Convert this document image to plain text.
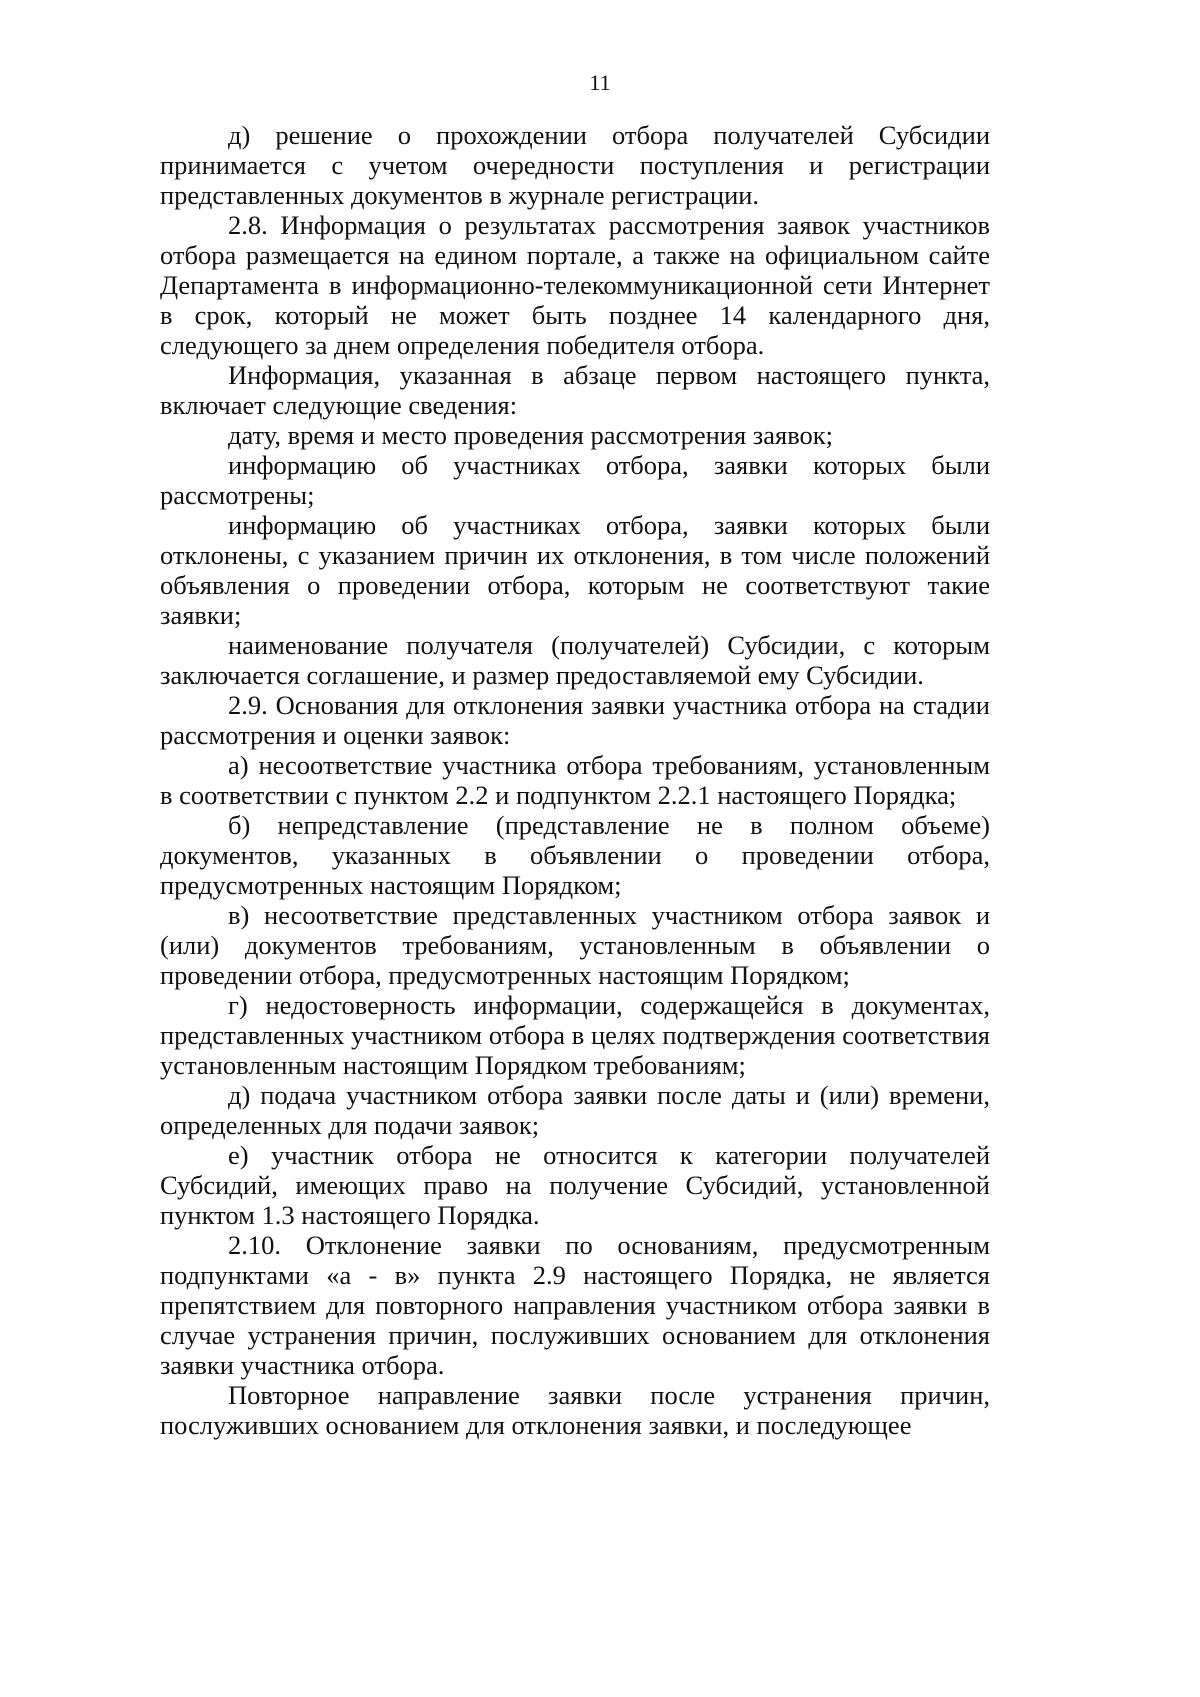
11

д) решение о прохождении отбора получателей Субсидии принимается с учетом очередности поступления и регистрации представленных документов в журнале регистрации.

2.8. Информация о результатах рассмотрения заявок участников отбора размещается на едином портале, а также на официальном сайте Департамента в информационно-телекоммуникационной сети Интернет в срок, который не может быть позднее 14 календарного дня, следующего за днем определения победителя отбора.

Информация, указанная в абзаце первом настоящего пункта, включает следующие сведения:

дату, время и место проведения рассмотрения заявок;

информацию об участниках отбора, заявки которых были рассмотрены;

информацию об участниках отбора, заявки которых были отклонены, с указанием причин их отклонения, в том числе положений объявления о проведении отбора, которым не соответствуют такие заявки;

наименование получателя (получателей) Субсидии, с которым заключается соглашение, и размер предоставляемой ему Субсидии.

2.9. Основания для отклонения заявки участника отбора на стадии рассмотрения и оценки заявок:

а) несоответствие участника отбора требованиям, установленным в соответствии с пунктом 2.2 и подпунктом 2.2.1 настоящего Порядка;

б) непредставление (представление не в полном объеме) документов, указанных в объявлении о проведении отбора, предусмотренных настоящим Порядком;

в) несоответствие представленных участником отбора заявок и (или) документов требованиям, установленным в объявлении о проведении отбора, предусмотренных настоящим Порядком;

г) недостоверность информации, содержащейся в документах, представленных участником отбора в целях подтверждения соответствия установленным настоящим Порядком требованиям;

д) подача участником отбора заявки после даты и (или) времени, определенных для подачи заявок;

е) участник отбора не относится к категории получателей Субсидий, имеющих право на получение Субсидий, установленной пунктом 1.3 настоящего Порядка.

2.10. Отклонение заявки по основаниям, предусмотренным подпунктами «а - в» пункта 2.9 настоящего Порядка, не является препятствием для повторного направления участником отбора заявки в случае устранения причин, послуживших основанием для отклонения заявки участника отбора.

Повторное направление заявки после устранения причин, послуживших основанием для отклонения заявки, и последующее
